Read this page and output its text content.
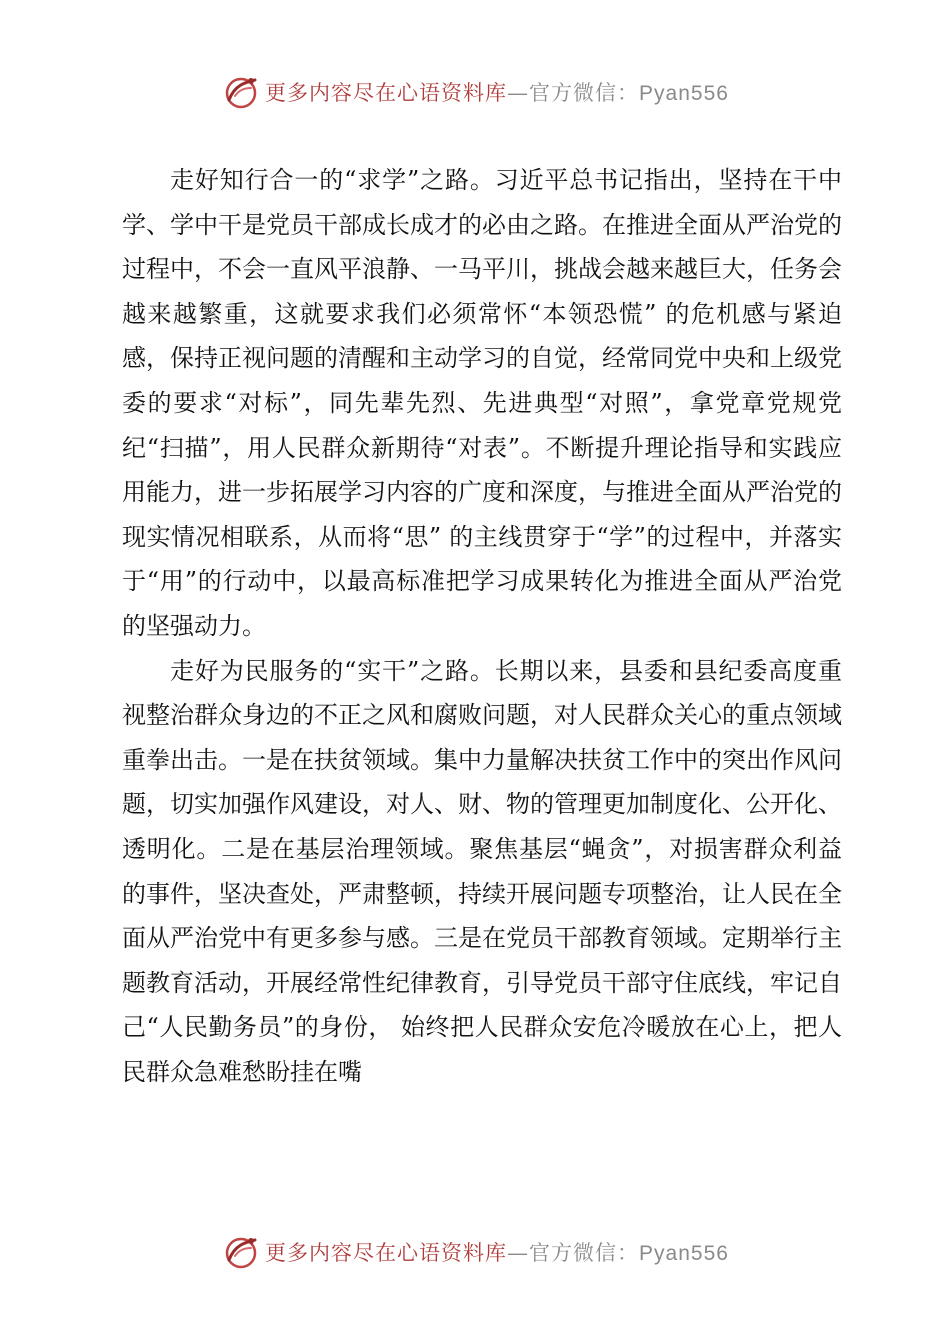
更多内容尽在心语资料库—官方微信：Pyan556

走好知行合一的“求学”之路。习近平总书记指出，坚持在干中学、学中干是党员干部成长成才的必由之路。在推进全面从严治党的过程中，不会一直风平浪静、一马平川，挑战会越来越巨大，任务会越来越繁重，这就要求我们必须常怀“本领恐慌” 的危机感与紧迫感，保持正视问题的清醒和主动学习的自觉，经常同党中央和上级党委的要求“对标”，同先辈先烈、先进典型“对照”，拿党章党规党纪“扫描”，用人民群众新期待“对表”。不断提升理论指导和实践应用能力，进一步拓展学习内容的广度和深度，与推进全面从严治党的现实情况相联系，从而将“思” 的主线贯穿于“学”的过程中，并落实于“用”的行动中，以最高标准把学习成果转化为推进全面从严治党的坚强动力。

走好为民服务的“实干”之路。长期以来，县委和县纪委高度重视整治群众身边的不正之风和腐败问题，对人民群众关心的重点领域重拳出击。一是在扶贫领域。集中力量解决扶贫工作中的突出作风问题，切实加强作风建设，对人、财、物的管理更加制度化、公开化、透明化。二是在基层治理领域。聚焦基层“蝇贪”，对损害群众利益的事件，坚决查处，严肃整顿，持续开展问题专项整治，让人民在全面从严治党中有更多参与感。三是在党员干部教育领域。定期举行主题教育活动，开展经常性纪律教育，引导党员干部守住底线，牢记自己“人民勤务员”的身份， 始终把人民群众安危冷暖放在心上，把人民群众急难愁盼挂在嘴

更多内容尽在心语资料库—官方微信：Pyan556
